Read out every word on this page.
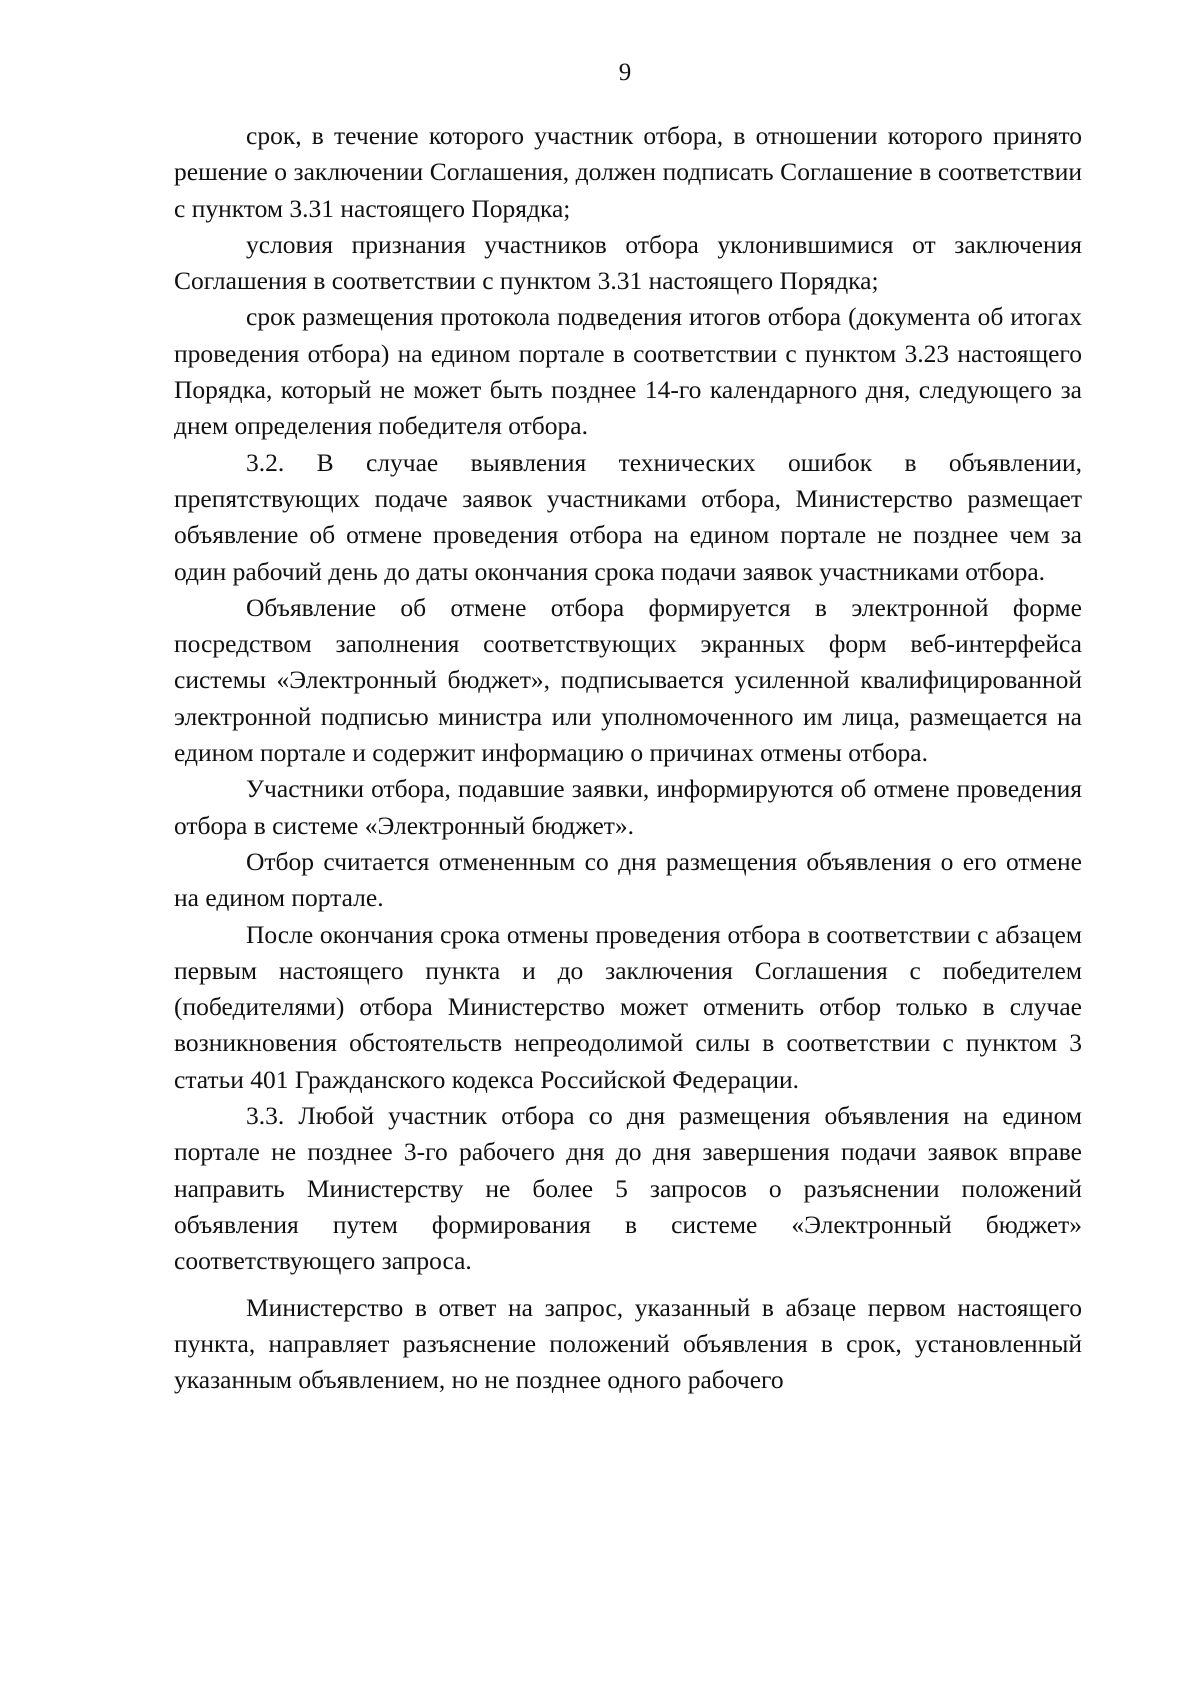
9

срок, в течение которого участник отбора, в отношении которого принято решение о заключении Соглашения, должен подписать Соглашение в соответствии с пунктом 3.31 настоящего Порядка;

условия признания участников отбора уклонившимися от заключения Соглашения в соответствии с пунктом 3.31 настоящего Порядка;

срок размещения протокола подведения итогов отбора (документа об итогах проведения отбора) на едином портале в соответствии с пунктом 3.23 настоящего Порядка, который не может быть позднее 14-го календарного дня, следующего за днем определения победителя отбора.

3.2. В случае выявления технических ошибок в объявлении, препятствующих подаче заявок участниками отбора, Министерство размещает объявление об отмене проведения отбора на едином портале не позднее чем за один рабочий день до даты окончания срока подачи заявок участниками отбора.

Объявление об отмене отбора формируется в электронной форме посредством заполнения соответствующих экранных форм веб-интерфейса системы «Электронный бюджет», подписывается усиленной квалифицированной электронной подписью министра или уполномоченного им лица, размещается на едином портале и содержит информацию о причинах отмены отбора.

Участники отбора, подавшие заявки, информируются об отмене проведения отбора в системе «Электронный бюджет».

Отбор считается отмененным со дня размещения объявления о его отмене на едином портале.

После окончания срока отмены проведения отбора в соответствии с абзацем первым настоящего пункта и до заключения Соглашения с победителем (победителями) отбора Министерство может отменить отбор только в случае возникновения обстоятельств непреодолимой силы в соответствии с пунктом 3 статьи 401 Гражданского кодекса Российской Федерации.

3.3. Любой участник отбора со дня размещения объявления на едином портале не позднее 3-го рабочего дня до дня завершения подачи заявок вправе направить Министерству не более 5 запросов о разъяснении положений объявления путем формирования в системе «Электронный бюджет» соответствующего запроса.

Министерство в ответ на запрос, указанный в абзаце первом настоящего пункта, направляет разъяснение положений объявления в срок, установленный указанным объявлением, но не позднее одного рабочего
